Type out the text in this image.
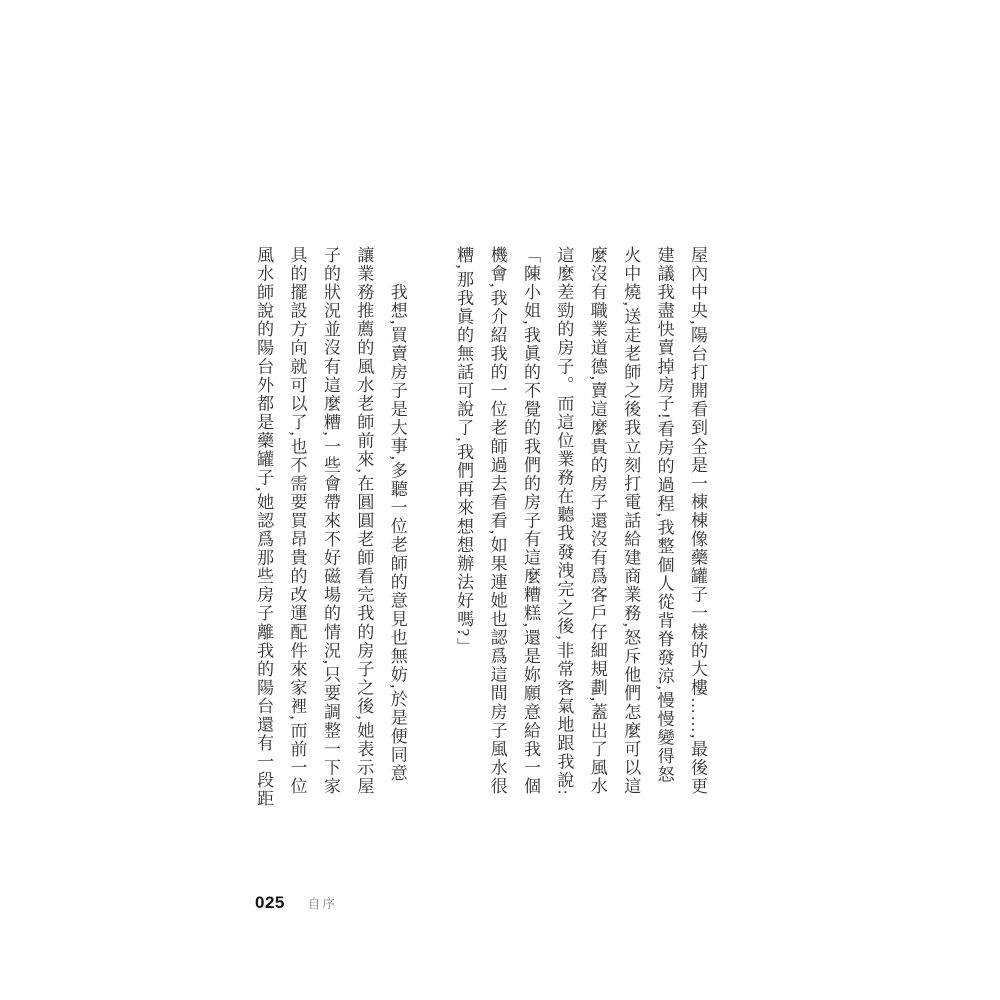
屋內中央,陽台打開看到全是一棟棟像藥罐子一樣的大樓……,最後更
建議我盡快賣掉房子!看房的過程,我整個人從背脊發涼,慢慢變得怒
火中燒,送走老師之後我立刻打電話給建商業務,怒斥他們怎麼可以這
麼沒有職業道德,賣這麼貴的房子還沒有爲客戶仔細規劃,蓋出了風水
這麼差勁的房子。而這位業務在聽我發洩完之後,非常客氣地跟我說:
「陳小姐,我眞的不覺的我們的房子有這麼糟糕,還是妳願意給我一個
機會,我介紹我的一位老師過去看看,如果連她也認爲這間房子風水很
糟,那我眞的無話可說了,我們再來想想辦法好嗎?」
我想,買賣房子是大事,多聽一位老師的意見也無妨,於是便同意
讓業務推薦的風水老師前來,在圓圓老師看完我的房子之後,她表示屋
子的狀況並沒有這麼糟,一些會帶來不好磁場的情況,只要調整一下家
具的擺設方向就可以了,也不需要買昂貴的改運配件來家裡,而前一位
風水師說的陽台外都是藥罐子,她認爲那些房子離我的陽台還有一段距
025 自序
